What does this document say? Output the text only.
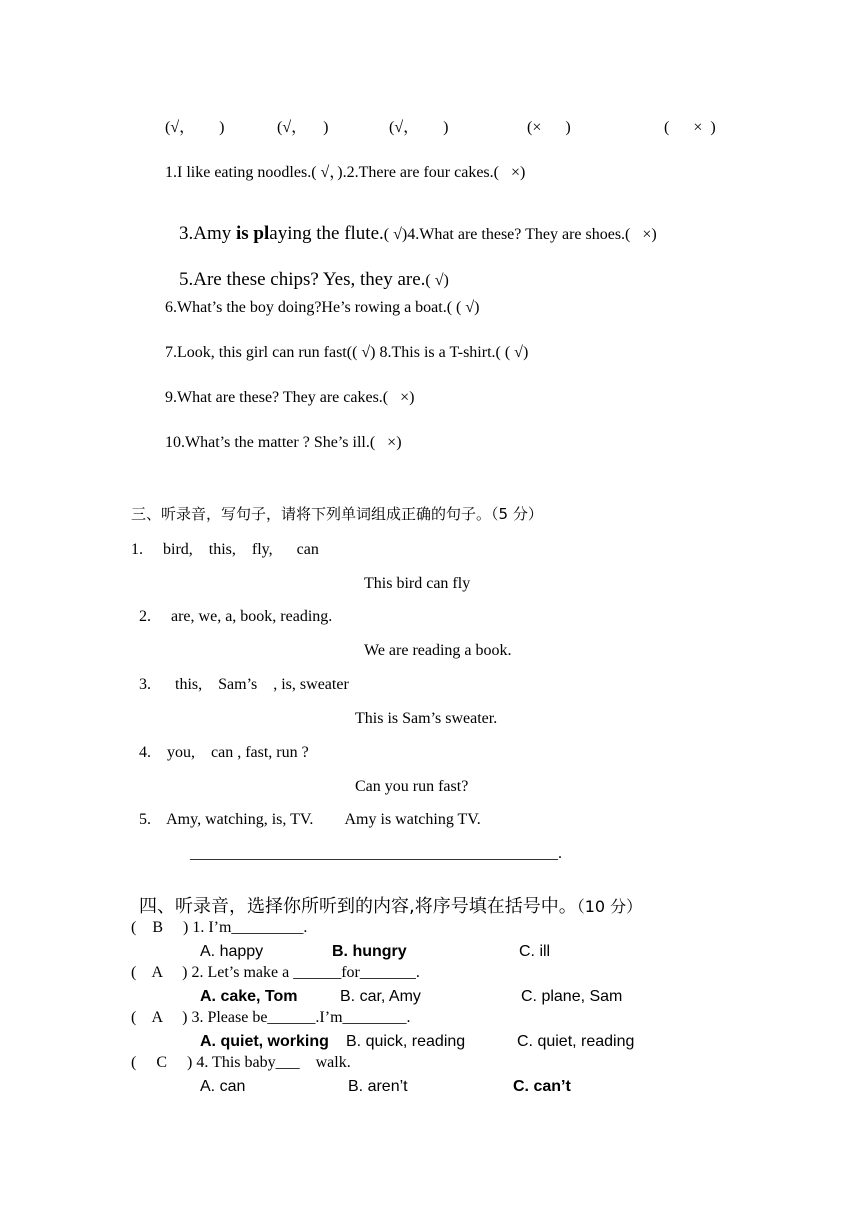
(√，      )	(√，    )	(√，      )	(×      )	(      ×  )
1.I like eating noodles.( √，).2.There are four cakes.(   ×)

3.Amy is playing the flute.( √)4.What are these? They are shoes.(   ×)

5.Are these chips? Yes, they are.( √)

6.What’s the boy doing?He’s rowing a boat.( ( √)
7.Look, this girl can run fast(( √) 8.This is a T-shirt.( ( √)
9.What are these? They are cakes.(   ×)
10.What’s the matter ? She’s ill.(   ×)
三、听录音，写句子，请将下列单词组成正确的句子。（5 分）
1.     bird,    this,    fly,      can
This bird can fly
2.     are, we, a, book, reading.
We are reading a book.
3.      this,    Sam’s    , is, sweater
This is Sam’s sweater.
4.    you,    can , fast, run ?
Can you run fast?
5.    Amy, watching, is, TV.        Amy is watching TV.
______________________________________________.

四、听录音，选择你所听到的内容,将序号填在括号中。（10 分）

(    B     ) 1. I’m_________.
A. happy	B. hungry	C. ill
(    A     ) 2. Let’s make a ______for_______.
A. cake, Tom	B. car, Amy	C. plane, Sam
(    A     ) 3. Please be______.I’m________.
A. quiet, working B. quick, reading	C. quiet, reading
(     C     ) 4. This baby___    walk.
A. can	B. aren’t	C. can’t
